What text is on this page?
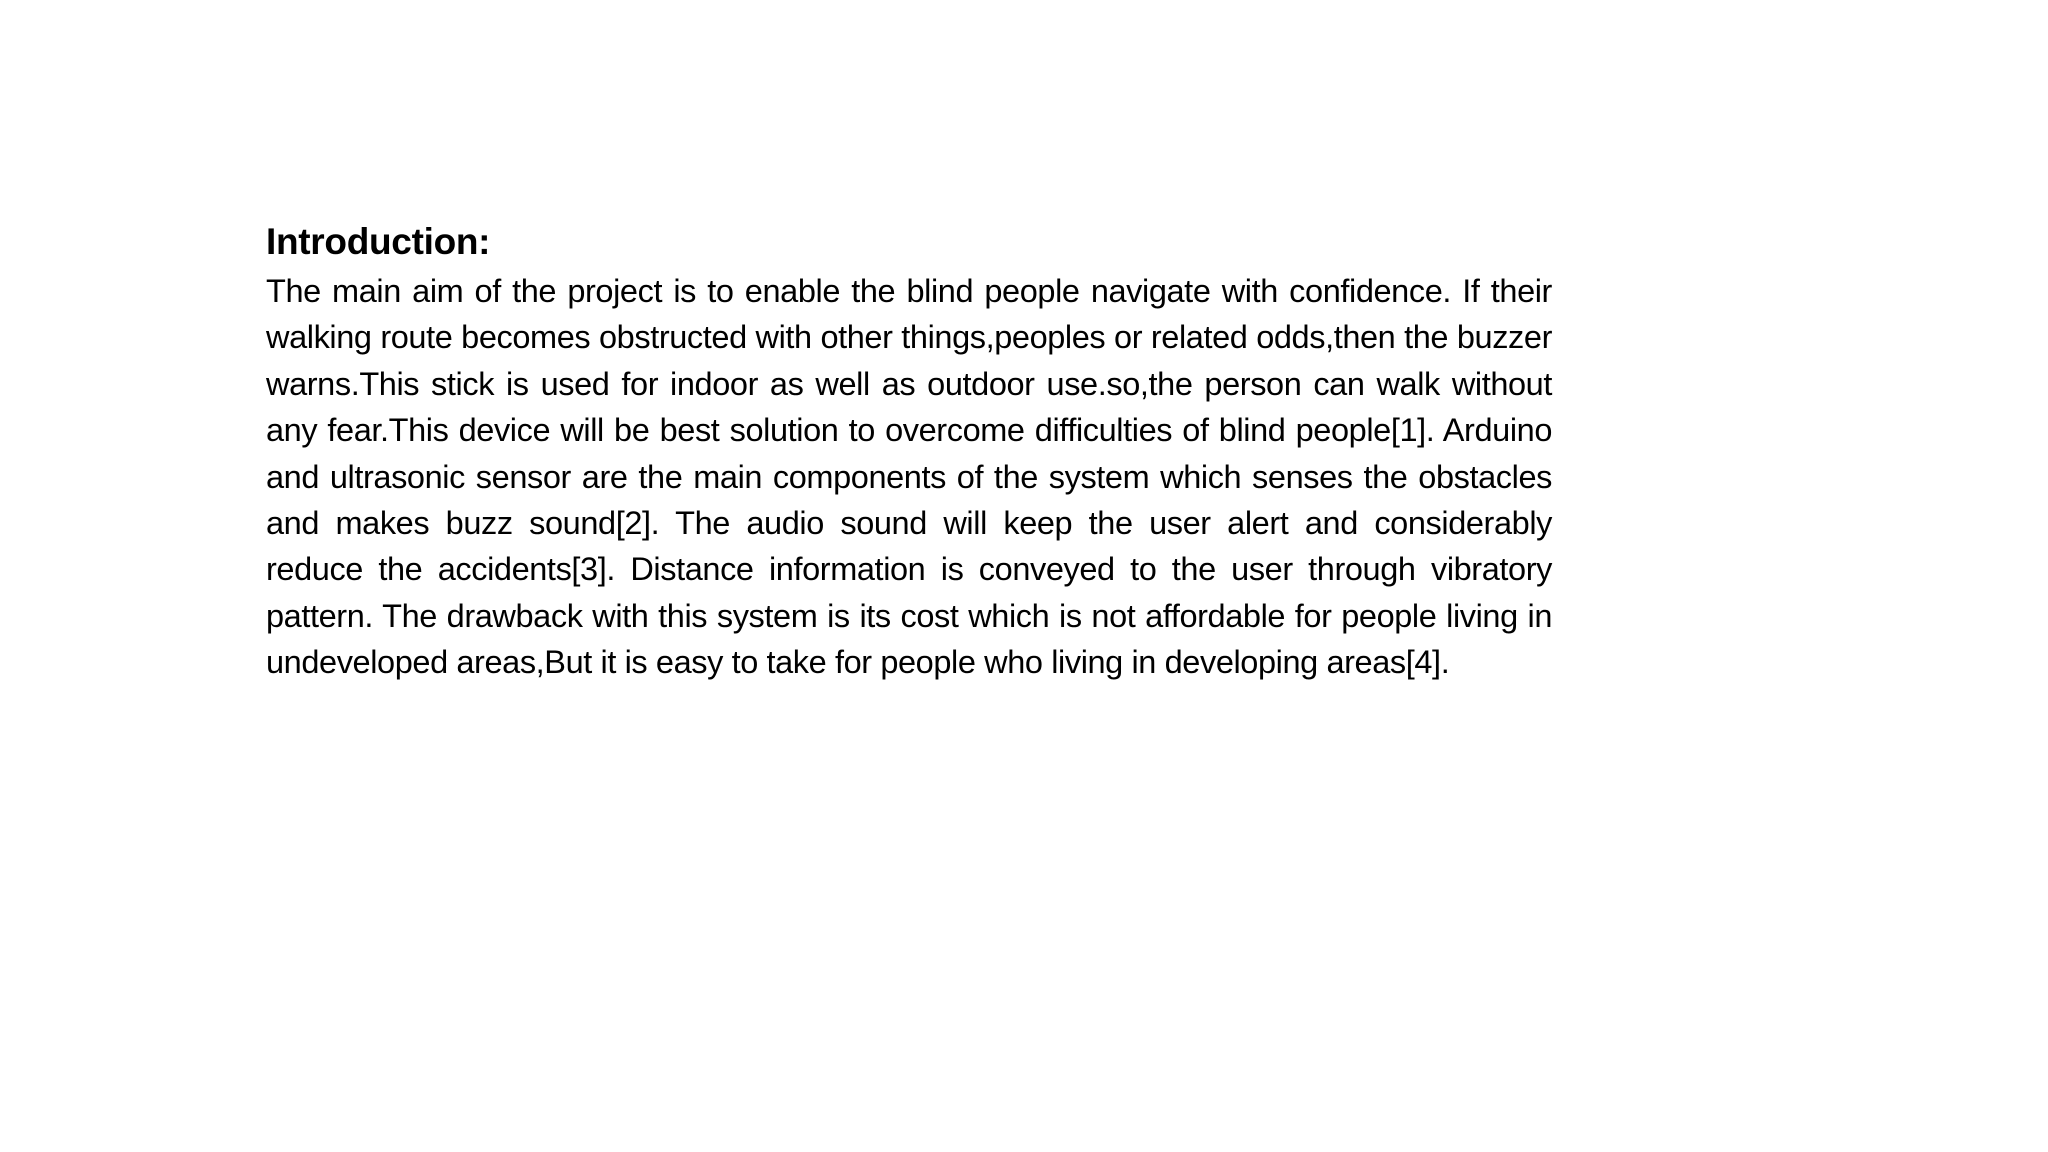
Introduction:

The main aim of the project is to enable the blind people navigate with confidence. If their walking route becomes obstructed with other things,peoples or related odds,then the buzzer warns.This stick is used for indoor as well as outdoor use.so,the person can walk without any fear.This device will be best solution to overcome difficulties of blind people[1]. Arduino and ultrasonic sensor are the main components of the system which senses the obstacles and makes buzz sound[2]. The audio sound will keep the user alert and considerably reduce the accidents[3]. Distance information is conveyed to the user through vibratory pattern. The drawback with this system is its cost which is not affordable for people living in undeveloped areas,But it is easy to take for people who living in developing areas[4].
